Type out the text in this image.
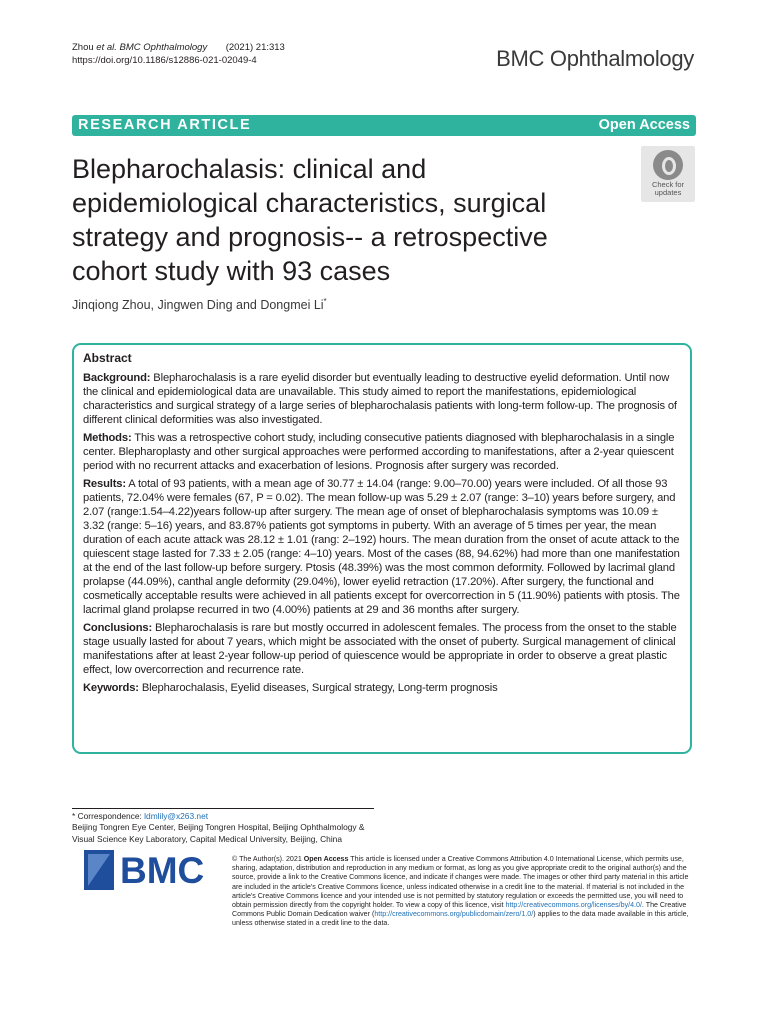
Zhou et al. BMC Ophthalmology (2021) 21:313
https://doi.org/10.1186/s12886-021-02049-4	BMC Ophthalmology
RESEARCH ARTICLE	Open Access
Blepharochalasis: clinical and epidemiological characteristics, surgical strategy and prognosis-- a retrospective cohort study with 93 cases
Check for
updates
Jinqiong Zhou, Jingwen Ding and Dongmei Li*
Abstract

Background: Blepharochalasis is a rare eyelid disorder but eventually leading to destructive eyelid deformation. Until now the clinical and epidemiological data are unavailable. This study aimed to report the manifestations, epidemiological characteristics and surgical strategy of a large series of blepharochalasis patients with long-term follow-up. The prognosis of different clinical deformities was also investigated.

Methods: This was a retrospective cohort study, including consecutive patients diagnosed with blepharochalasis in a single center. Blepharoplasty and other surgical approaches were performed according to manifestations, after a 2-year quiescent period with no recurrent attacks and exacerbation of lesions. Prognosis after surgery was recorded.

Results: A total of 93 patients, with a mean age of 30.77 ± 14.04 (range: 9.00–70.00) years were included. Of all those 93 patients, 72.04% were females (67, P = 0.02). The mean follow-up was 5.29 ± 2.07 (range: 3–10) years before surgery, and 2.07 (range:1.54–4.22)years follow-up after surgery. The mean age of onset of blepharochalasis symptoms was 10.09 ± 3.32 (range: 5–16) years, and 83.87% patients got symptoms in puberty. With an average of 5 times per year, the mean duration of each acute attack was 28.12 ± 1.01 (rang: 2–192) hours. The mean duration from the onset of acute attack to the quiescent stage lasted for 7.33 ± 2.05 (range: 4–10) years. Most of the cases (88, 94.62%) had more than one manifestation at the end of the last follow-up before surgery. Ptosis (48.39%) was the most common deformity. Followed by lacrimal gland prolapse (44.09%), canthal angle deformity (29.04%), lower eyelid retraction (17.20%). After surgery, the functional and cosmetically acceptable results were achieved in all patients except for overcorrection in 5 (11.90%) patients with ptosis. The lacrimal gland prolapse recurred in two (4.00%) patients at 29 and 36 months after surgery.

Conclusions: Blepharochalasis is rare but mostly occurred in adolescent females. The process from the onset to the stable stage usually lasted for about 7 years, which might be associated with the onset of puberty. Surgical management of clinical manifestations after at least 2-year follow-up period of quiescence would be appropriate in order to observe a great plastic effect, low overcorrection and recurrence rate.

Keywords: Blepharochalasis, Eyelid diseases, Surgical strategy, Long-term prognosis

* Correspondence: ldmlily@x263.net
Beijing Tongren Eye Center, Beijing Tongren Hospital, Beijing Ophthalmology & Visual Science Key Laboratory, Capital Medical University, Beijing, China
BMC	© The Author(s). 2021 Open Access This article is licensed under a Creative Commons Attribution 4.0 International License, which permits use, sharing, adaptation, distribution and reproduction in any medium or format, as long as you give appropriate credit to the original author(s) and the source, provide a link to the Creative Commons licence, and indicate if changes were made. The images or other third party material in this article are included in the article's Creative Commons licence, unless indicated otherwise in a credit line to the material. If material is not included in the article's Creative Commons licence and your intended use is not permitted by statutory regulation or exceeds the permitted use, you will need to obtain permission directly from the copyright holder. To view a copy of this licence, visit http://creativecommons.org/licenses/by/4.0/. The Creative Commons Public Domain Dedication waiver (http://creativecommons.org/publicdomain/zero/1.0/) applies to the data made available in this article, unless otherwise stated in a credit line to the data.
